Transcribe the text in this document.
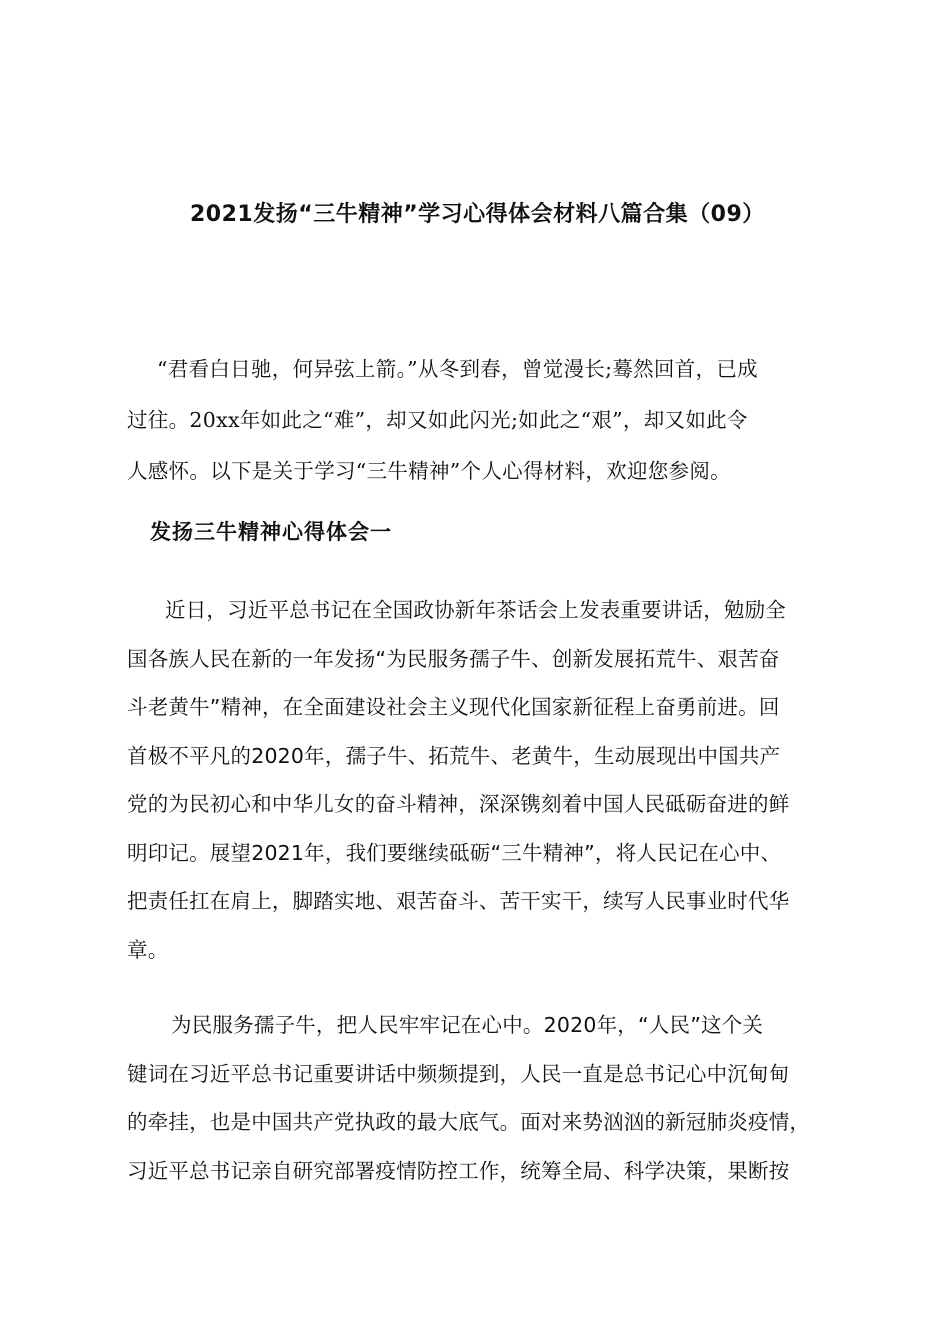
2021发扬“三牛精神”学习心得体会材料八篇合集（09）
“君看白日驰，何异弦上箭。”从冬到春，曾觉漫长;蓦然回首，已成
过往。20xx年如此之“难”，却又如此闪光;如此之“艰”，却又如此令
人感怀。以下是关于学习“三牛精神”个人心得材料，欢迎您参阅。
发扬三牛精神心得体会一
近日，习近平总书记在全国政协新年茶话会上发表重要讲话，勉励全
国各族人民在新的一年发扬“为民服务孺子牛、创新发展拓荒牛、艰苦奋
斗老黄牛”精神，在全面建设社会主义现代化国家新征程上奋勇前进。回
首极不平凡的2020年，孺子牛、拓荒牛、老黄牛，生动展现出中国共产
党的为民初心和中华儿女的奋斗精神，深深镌刻着中国人民砥砺奋进的鲜
明印记。展望2021年，我们要继续砥砺“三牛精神”，将人民记在心中、
把责任扛在肩上，脚踏实地、艰苦奋斗、苦干实干，续写人民事业时代华
章。
为民服务孺子牛，把人民牢牢记在心中。2020年，“人民”这个关
键词在习近平总书记重要讲话中频频提到，人民一直是总书记心中沉甸甸
的牵挂，也是中国共产党执政的最大底气。面对来势汹汹的新冠肺炎疫情，
习近平总书记亲自研究部署疫情防控工作，统筹全局、科学决策，果断按
